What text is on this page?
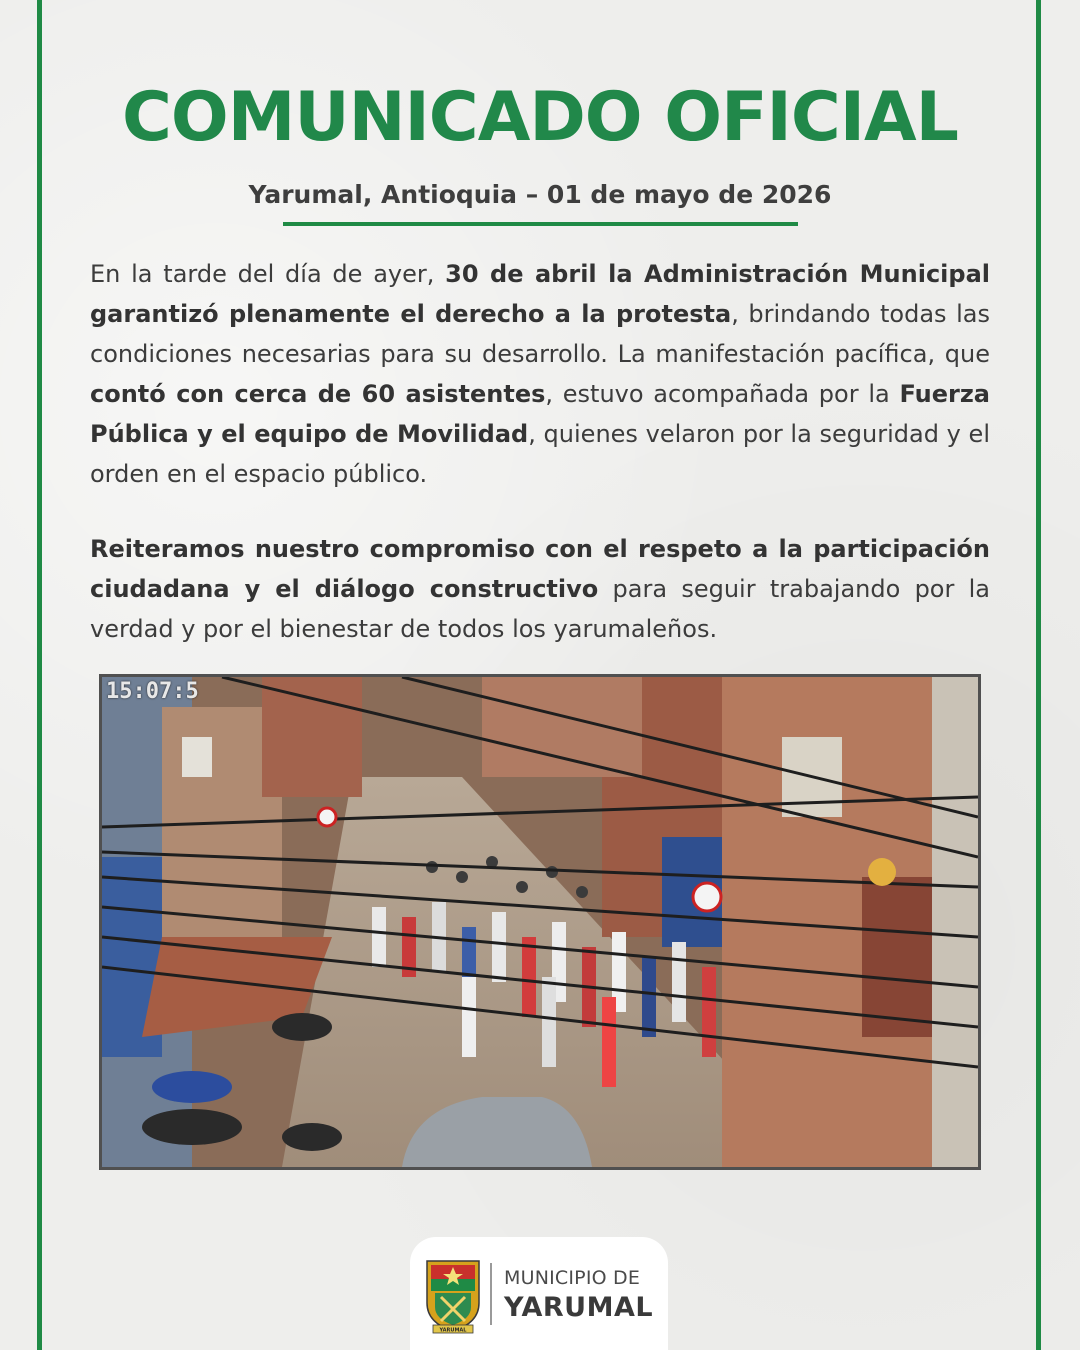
COMUNICADO OFICIAL
Yarumal, Antioquia – 01 de mayo de 2026

En la tarde del día de ayer, 30 de abril la Administración Municipal garantizó plenamente el derecho a la protesta, brindando todas las condiciones necesarias para su desarrollo. La manifestación pacífica, que contó con cerca de 60 asistentes, estuvo acompañada por la Fuerza Pública y el equipo de Movilidad, quienes velaron por la seguridad y el orden en el espacio público.

Reiteramos nuestro compromiso con el respeto a la participación ciudadana y el diálogo constructivo para seguir trabajando por la verdad y por el bienestar de todos los yarumaleños.

15:07:5
YARUMAL
MUNICIPIO DE
YARUMAL
